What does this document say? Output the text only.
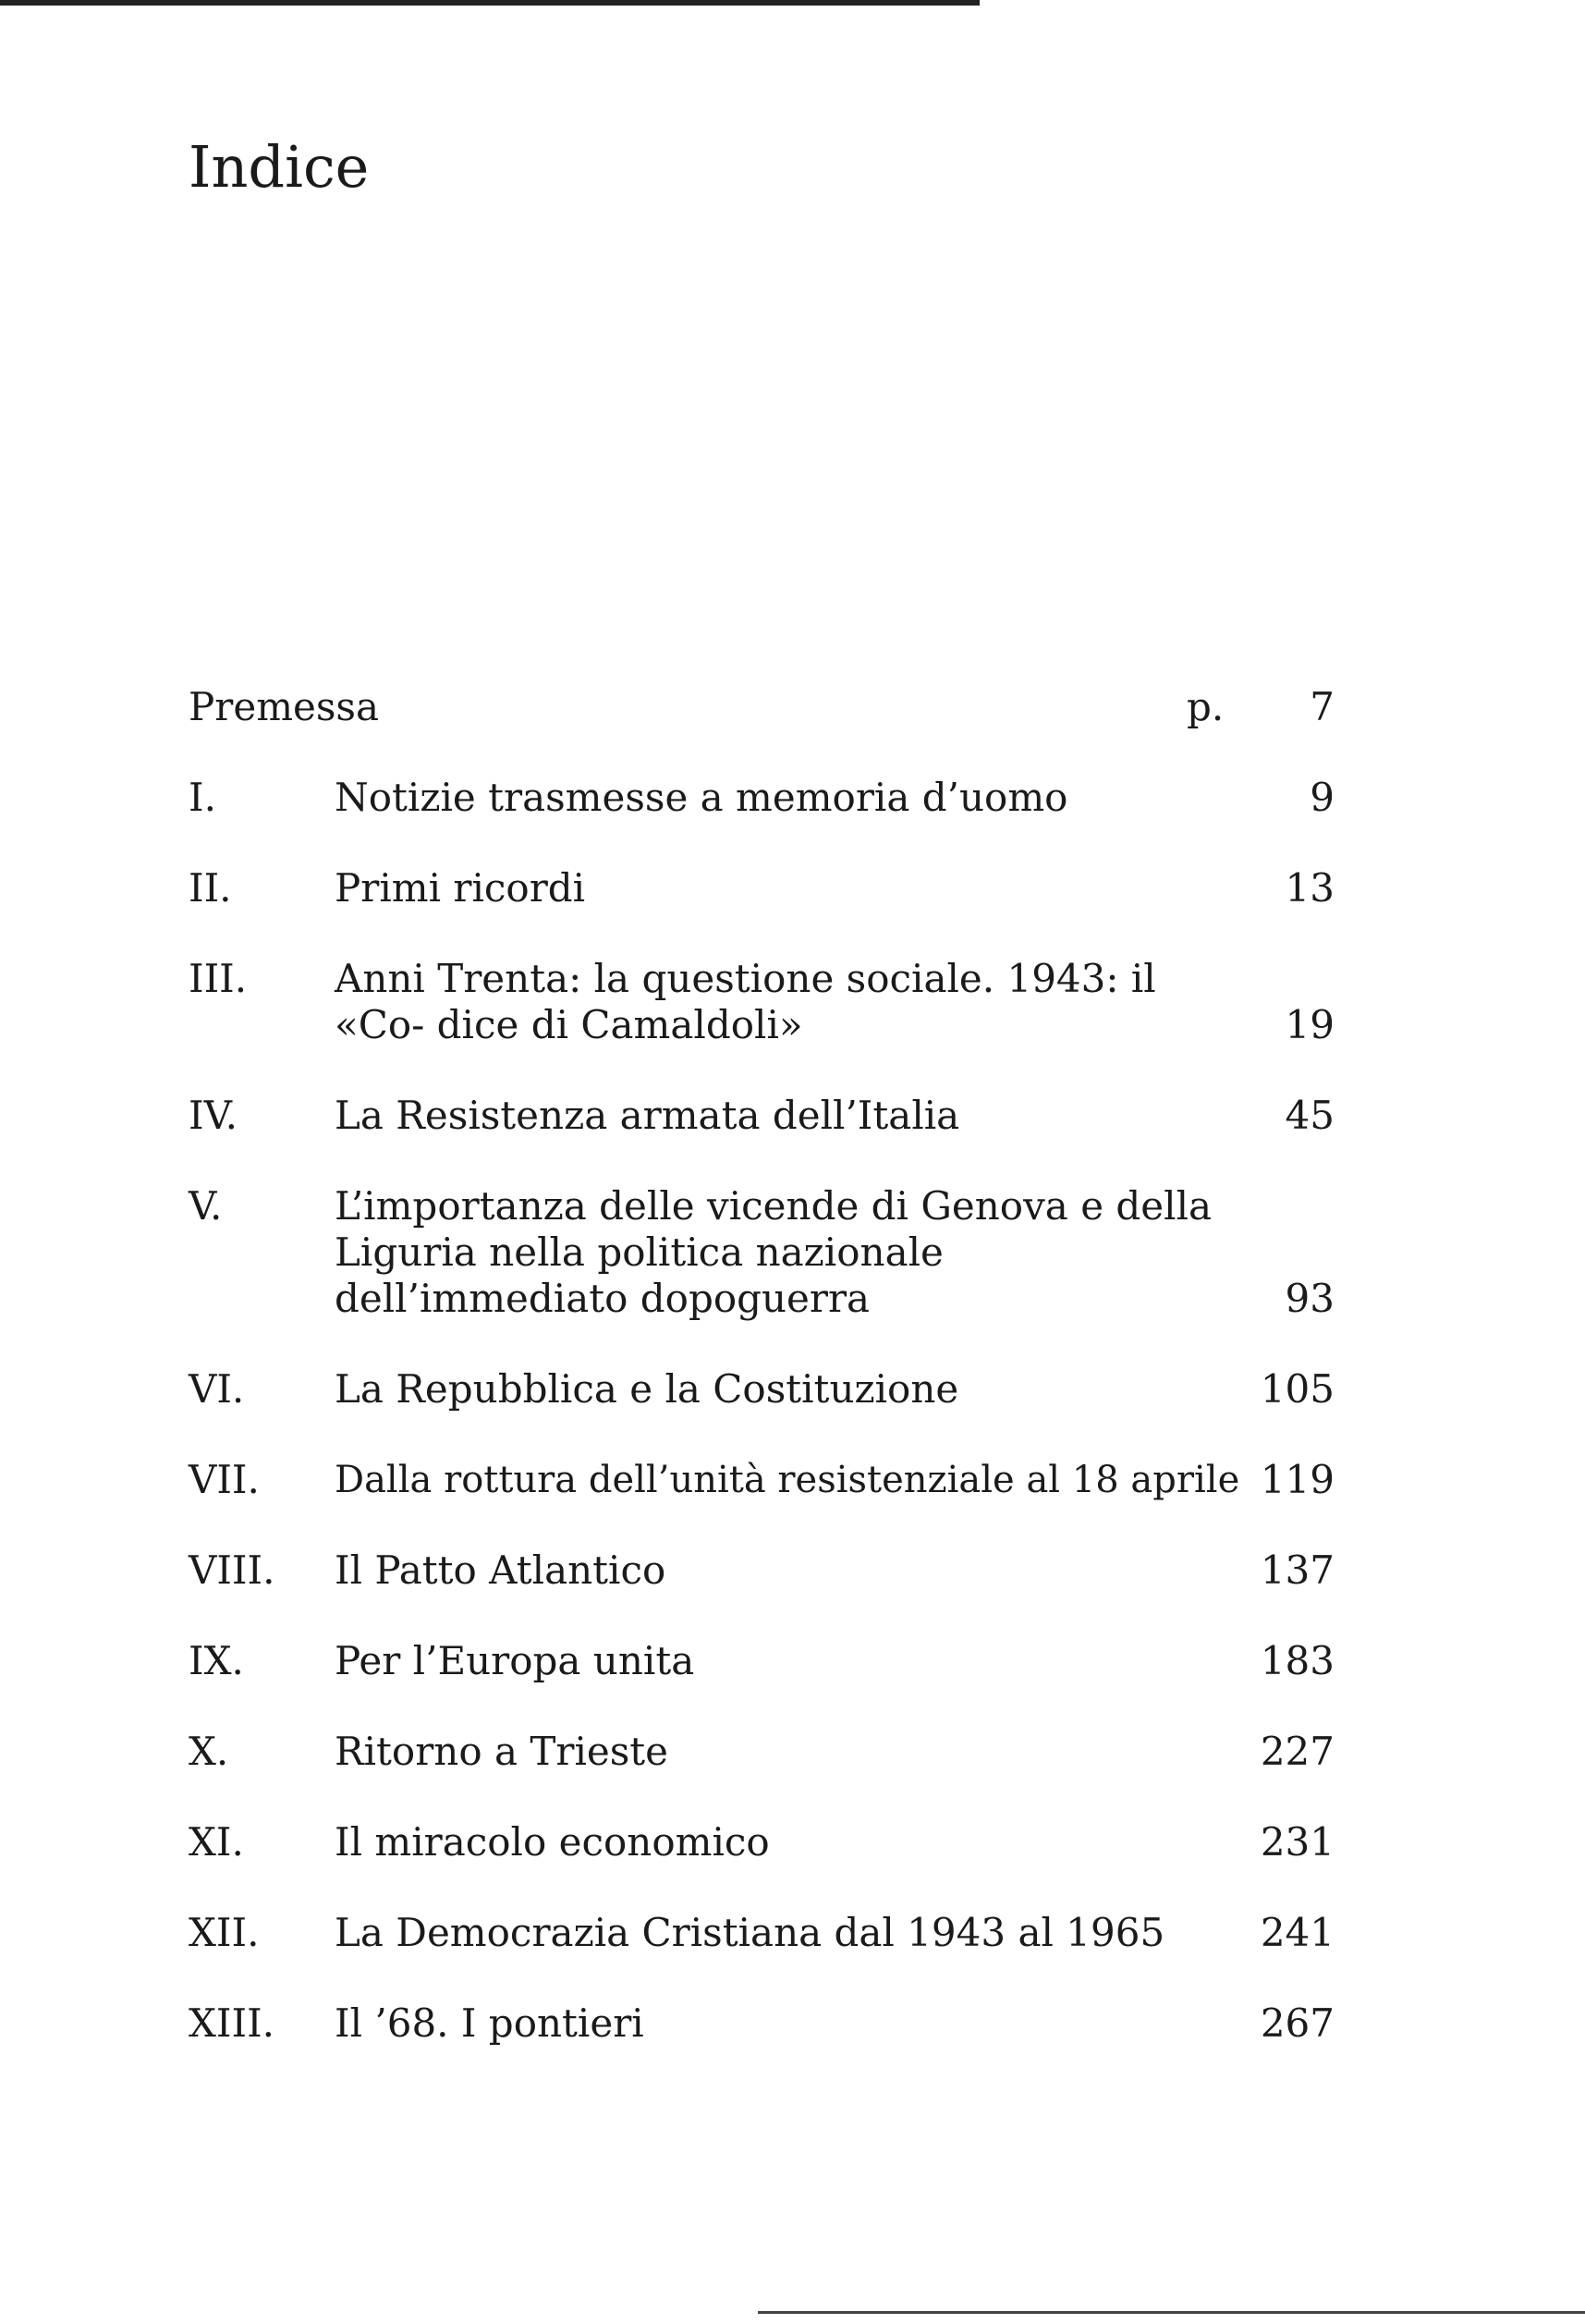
Indice
Premessa	p.	7
I.	Notizie trasmesse a memoria d’uomo	9
II.	Primi ricordi	13
III.	Anni Trenta: la questione sociale. 1943: il «Co- dice di Camaldoli»	19
IV.	La Resistenza armata dell’Italia	45
V.	L’importanza delle vicende di Genova e della Liguria nella politica nazionale dell’immediato dopoguerra	93
VI.	La Repubblica e la Costituzione	105
VII.	Dalla rottura dell’unità resistenziale al 18 aprile 119
VIII.	Il Patto Atlantico	137
IX.	Per l’Europa unita	183
X.	Ritorno a Trieste	227
XI.	Il miracolo economico	231
XII.	La Democrazia Cristiana dal 1943 al 1965	241
XIII.	Il ’68. I pontieri	267
